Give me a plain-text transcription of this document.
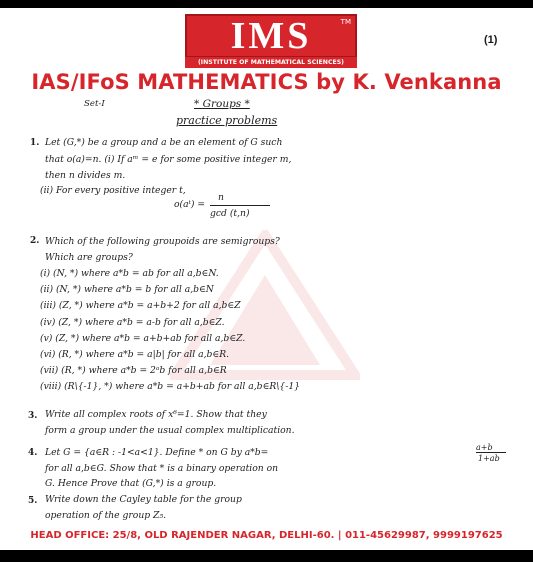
IMS	TM
(INSTITUTE OF MATHEMATICAL SCIENCES)
(1)
IAS/IFoS MATHEMATICS by K. Venkanna
Set-I	* Groups *
practice problems
1. Let (G,*) be a group and a be an element of G such
that o(a)=n. (i) If aᵐ = e for some positive integer m,
then n divides m.
(ii) For every positive integer t,
o(aᵗ) =
n
gcd (t,n)
2. Which of the following groupoids are semigroups?
Which are groups?
(i) (N, *) where a*b = ab for all a,b∈N.
(ii) (N, *) where a*b = b for all a,b∈N
(iii) (Z, *) where a*b = a+b+2 for all a,b∈Z
(iv) (Z, *) where a*b = a-b for all a,b∈Z.
(v) (Z, *) where a*b = a+b+ab for all a,b∈Z.
(vi) (R, *) where a*b = a|b| for all a,b∈R.
(vii) (R, *) where a*b = 2ᵃb for all a,b∈R
(viii) (R\{-1}, *) where a*b = a+b+ab for all a,b∈R\{-1}
3. Write all complex roots of x⁶=1. Show that they
form a group under the usual complex multiplication.
4. Let G = {a∈R : -1<a<1}. Define * on G by a*b=	a+b
1+ab
for all a,b∈G. Show that * is a binary operation on
G. Hence Prove that (G,*) is a group.
5. Write down the Cayley table for the group
operation of the group Z₅.
HEAD OFFICE: 25/8, OLD RAJENDER NAGAR, DELHI-60. | 011-45629987, 9999197625
